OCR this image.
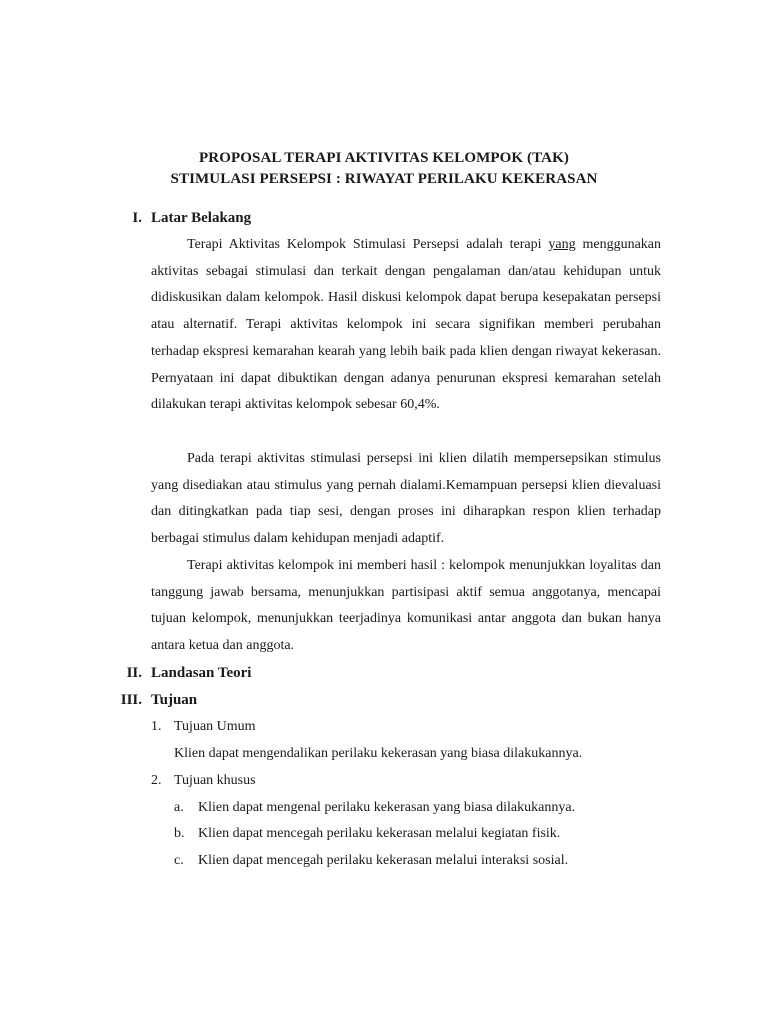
PROPOSAL TERAPI AKTIVITAS KELOMPOK (TAK)
STIMULASI PERSEPSI : RIWAYAT PERILAKU KEKERASAN
I. Latar Belakang
Terapi Aktivitas Kelompok Stimulasi Persepsi adalah terapi yang menggunakan aktivitas sebagai stimulasi dan terkait dengan pengalaman dan/atau kehidupan untuk didiskusikan dalam kelompok. Hasil diskusi kelompok dapat berupa kesepakatan persepsi atau alternatif. Terapi aktivitas kelompok ini secara signifikan memberi perubahan terhadap ekspresi kemarahan kearah yang lebih baik pada klien dengan riwayat kekerasan. Pernyataan ini dapat dibuktikan dengan adanya penurunan ekspresi kemarahan setelah dilakukan terapi aktivitas kelompok sebesar 60,4%.
Pada terapi aktivitas stimulasi persepsi ini klien dilatih mempersepsikan stimulus yang disediakan atau stimulus yang pernah dialami.Kemampuan persepsi klien dievaluasi dan ditingkatkan pada tiap sesi, dengan proses ini diharapkan respon klien terhadap berbagai stimulus dalam kehidupan menjadi adaptif.
Terapi aktivitas kelompok ini memberi hasil : kelompok menunjukkan loyalitas dan tanggung jawab bersama, menunjukkan partisipasi aktif semua anggotanya, mencapai tujuan kelompok, menunjukkan teerjadinya komunikasi antar anggota dan bukan hanya antara ketua dan anggota.
II. Landasan Teori
III. Tujuan
1. Tujuan Umum
Klien dapat mengendalikan perilaku kekerasan yang biasa dilakukannya.
2. Tujuan khusus
a. Klien dapat mengenal perilaku kekerasan yang biasa dilakukannya.
b. Klien dapat mencegah perilaku kekerasan melalui kegiatan fisik.
c. Klien dapat mencegah perilaku kekerasan melalui interaksi sosial.
